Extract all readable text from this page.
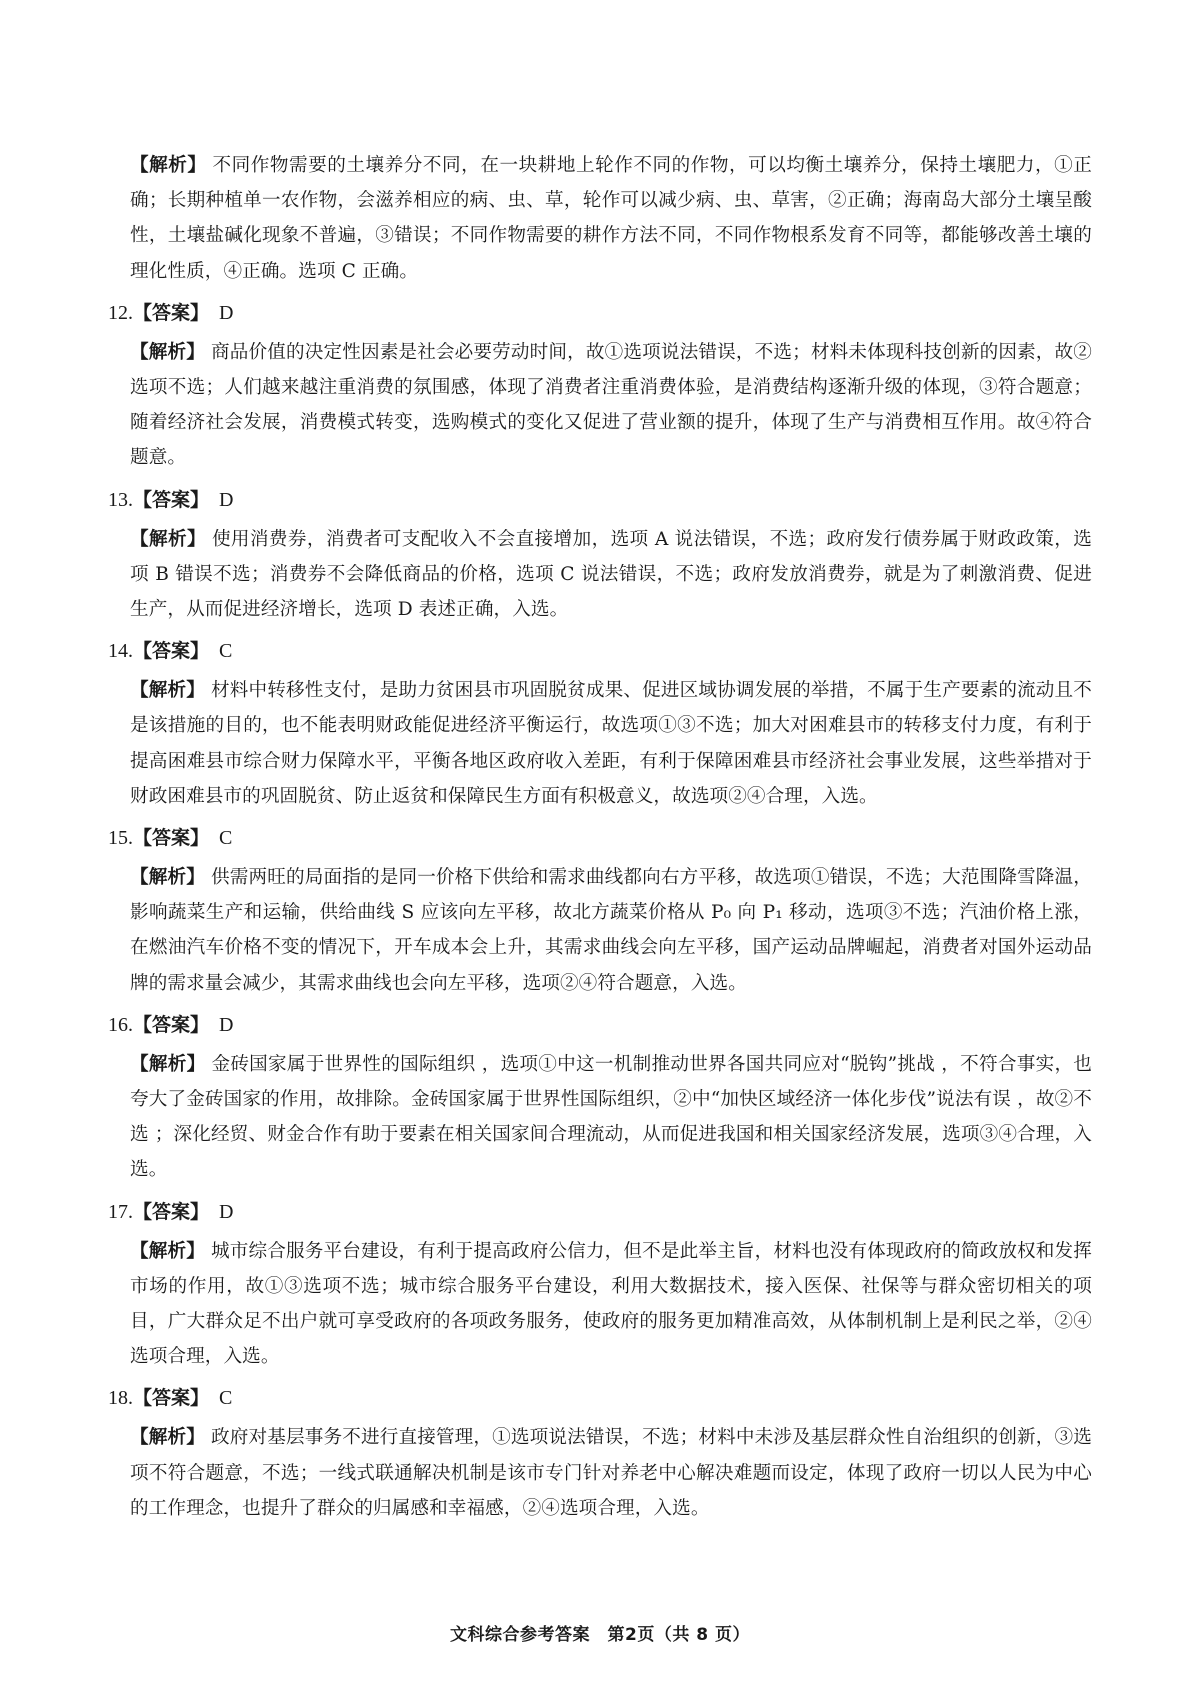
【解析】 不同作物需要的土壤养分不同，在一块耕地上轮作不同的作物，可以均衡土壤养分，保持土壤肥力，①正确；长期种植单一农作物，会滋养相应的病、虫、草，轮作可以减少病、虫、草害，②正确；海南岛大部分土壤呈酸性，土壤盐碱化现象不普遍，③错误；不同作物需要的耕作方法不同，不同作物根系发育不同等，都能够改善土壤的理化性质，④正确。选项 C 正确。
12.【答案】 D
【解析】 商品价值的决定性因素是社会必要劳动时间，故①选项说法错误，不选；材料未体现科技创新的因素，故②选项不选；人们越来越注重消费的氛围感，体现了消费者注重消费体验，是消费结构逐渐升级的体现，③符合题意；随着经济社会发展，消费模式转变，选购模式的变化又促进了营业额的提升，体现了生产与消费相互作用。故④符合题意。
13.【答案】 D
【解析】 使用消费券，消费者可支配收入不会直接增加，选项 A 说法错误，不选；政府发行债券属于财政政策，选项 B 错误不选；消费券不会降低商品的价格，选项 C 说法错误，不选；政府发放消费券，就是为了刺激消费、促进生产，从而促进经济增长，选项 D 表述正确，入选。
14.【答案】 C
【解析】 材料中转移性支付，是助力贫困县市巩固脱贫成果、促进区域协调发展的举措，不属于生产要素的流动且不是该措施的目的，也不能表明财政能促进经济平衡运行，故选项①③不选；加大对困难县市的转移支付力度，有利于提高困难县市综合财力保障水平，平衡各地区政府收入差距，有利于保障困难县市经济社会事业发展，这些举措对于财政困难县市的巩固脱贫、防止返贫和保障民生方面有积极意义，故选项②④合理，入选。
15.【答案】 C
【解析】 供需两旺的局面指的是同一价格下供给和需求曲线都向右方平移，故选项①错误，不选；大范围降雪降温，影响蔬菜生产和运输，供给曲线 S 应该向左平移，故北方蔬菜价格从 P₀ 向 P₁ 移动，选项③不选；汽油价格上涨，在燃油汽车价格不变的情况下，开车成本会上升，其需求曲线会向左平移，国产运动品牌崛起，消费者对国外运动品牌的需求量会减少，其需求曲线也会向左平移，选项②④符合题意，入选。
16.【答案】 D
【解析】 金砖国家属于世界性的国际组织 ，选项①中这一机制推动世界各国共同应对“脱钩”挑战 ，不符合事实，也夸大了金砖国家的作用，故排除。金砖国家属于世界性国际组织，②中“加快区域经济一体化步伐”说法有误 ，故②不选 ；深化经贸、财金合作有助于要素在相关国家间合理流动，从而促进我国和相关国家经济发展，选项③④合理，入选。
17.【答案】 D
【解析】 城市综合服务平台建设，有利于提高政府公信力，但不是此举主旨，材料也没有体现政府的简政放权和发挥市场的作用，故①③选项不选；城市综合服务平台建设，利用大数据技术，接入医保、社保等与群众密切相关的项目，广大群众足不出户就可享受政府的各项政务服务，使政府的服务更加精准高效，从体制机制上是利民之举，②④选项合理，入选。
18.【答案】 C
【解析】 政府对基层事务不进行直接管理，①选项说法错误，不选；材料中未涉及基层群众性自治组织的创新，③选项不符合题意，不选；一线式联通解决机制是该市专门针对养老中心解决难题而设定，体现了政府一切以人民为中心的工作理念，也提升了群众的归属感和幸福感，②④选项合理，入选。
文科综合参考答案　第2页（共 8 页）
